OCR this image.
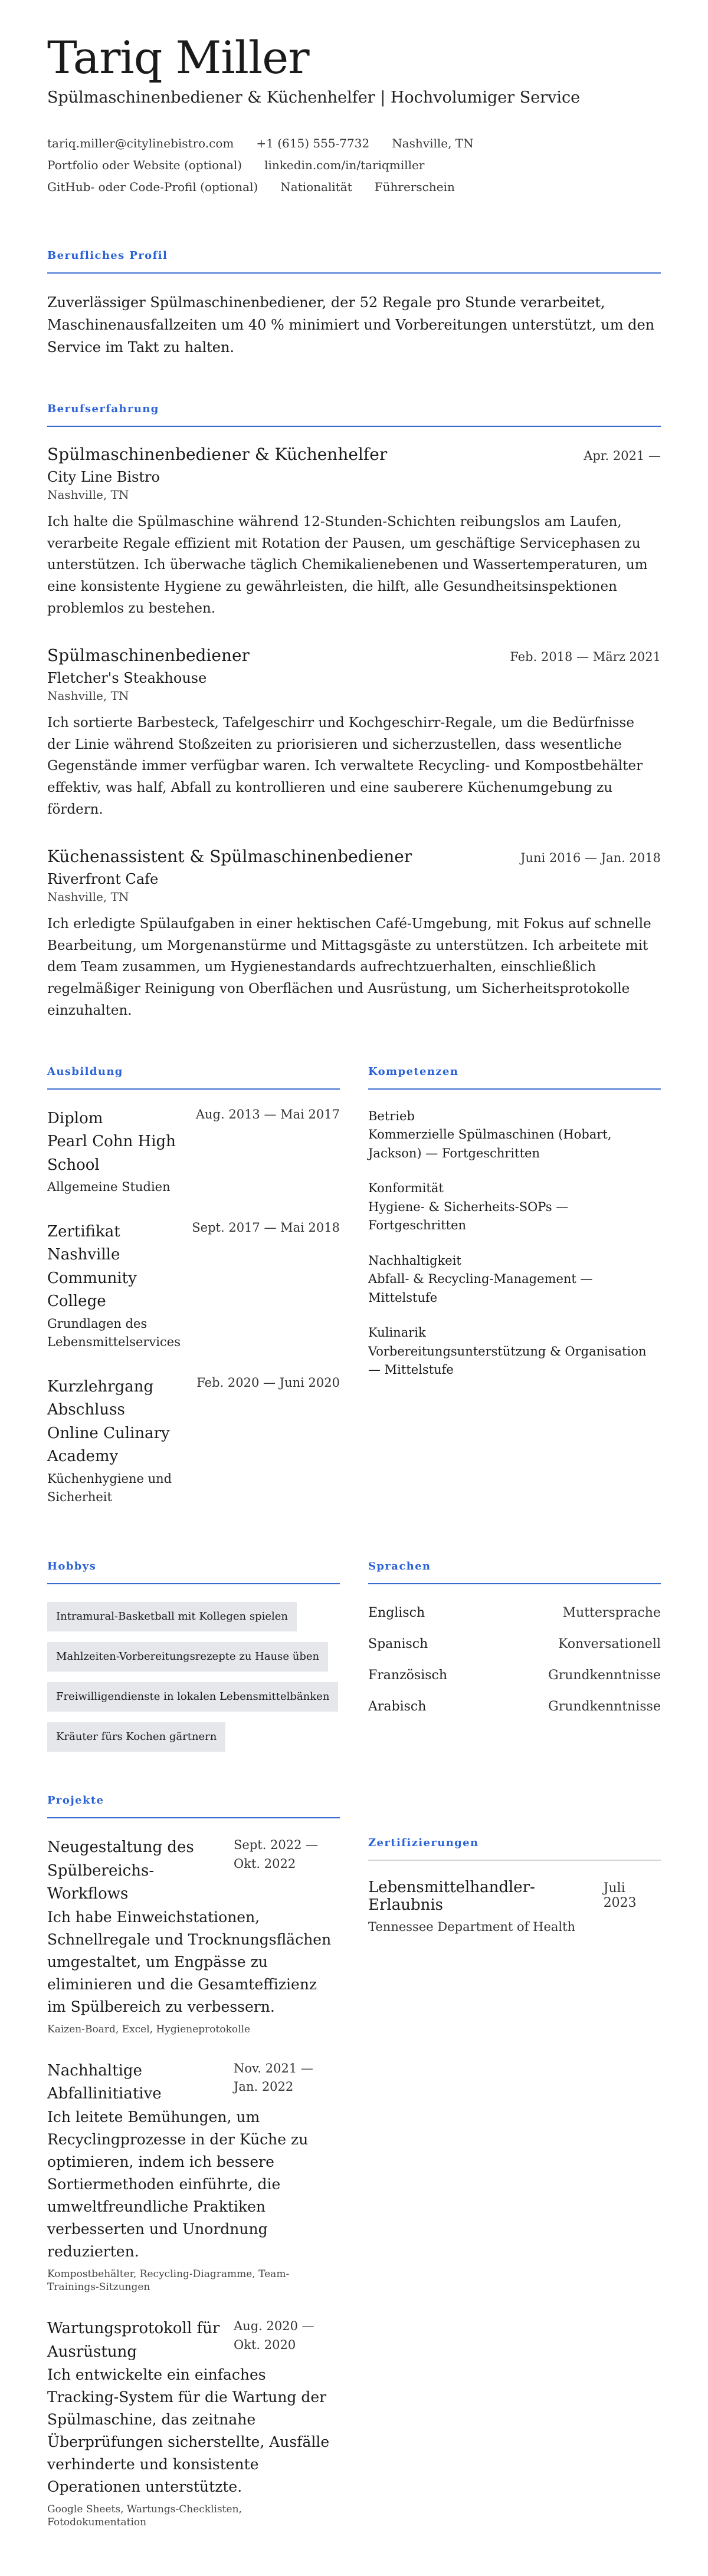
Tariq Miller
Spülmaschinenbediener & Küchenhelfer | Hochvolumiger Service
tariq.miller@citylinebistro.com +1 (615) 555-7732 Nashville, TN
Portfolio oder Website (optional) linkedin.com/in/tariqmiller
GitHub- oder Code-Profil (optional) Nationalität Führerschein
Berufliches Profil

Zuverlässiger Spülmaschinenbediener, der 52 Regale pro Stunde verarbeitet, Maschinenausfallzeiten um 40 % minimiert und Vorbereitungen unterstützt, um den Service im Takt zu halten.

Berufserfahrung
Spülmaschinenbediener & Küchenhelfer	Apr. 2021 —
City Line Bistro
Nashville, TN

Ich halte die Spülmaschine während 12-Stunden-Schichten reibungslos am Laufen, verarbeite Regale effizient mit Rotation der Pausen, um geschäftige Servicephasen zu unterstützen. Ich überwache täglich Chemikalienebenen und Wassertemperaturen, um eine konsistente Hygiene zu gewährleisten, die hilft, alle Gesundheitsinspektionen problemlos zu bestehen.

Spülmaschinenbediener	Feb. 2018 — März 2021
Fletcher's Steakhouse
Nashville, TN

Ich sortierte Barbesteck, Tafelgeschirr und Kochgeschirr-Regale, um die Bedürfnisse der Linie während Stoßzeiten zu priorisieren und sicherzustellen, dass wesentliche Gegenstände immer verfügbar waren. Ich verwaltete Recycling- und Kompostbehälter effektiv, was half, Abfall zu kontrollieren und eine sauberere Küchenumgebung zu fördern.

Küchenassistent & Spülmaschinenbediener	Juni 2016 — Jan. 2018
Riverfront Cafe
Nashville, TN

Ich erledigte Spülaufgaben in einer hektischen Café-Umgebung, mit Fokus auf schnelle Bearbeitung, um Morgenanstürme und Mittagsgäste zu unterstützen. Ich arbeitete mit dem Team zusammen, um Hygienestandards aufrechtzuerhalten, einschließlich regelmäßiger Reinigung von Oberflächen und Ausrüstung, um Sicherheitsprotokolle einzuhalten.

Ausbildung
Diplom
Pearl Cohn High School
Allgemeine Studien
Aug. 2013 — Mai 2017
Zertifikat
Nashville Community College
Grundlagen des Lebensmittelservices
Sept. 2017 — Mai 2018
Kurzlehrgang Abschluss
Online Culinary Academy
Küchenhygiene und Sicherheit
Feb. 2020 — Juni 2020
Kompetenzen
Betrieb
Kommerzielle Spülmaschinen (Hobart, Jackson) — Fortgeschritten
Konformität
Hygiene- & Sicherheits-SOPs — Fortgeschritten
Nachhaltigkeit
Abfall- & Recycling-Management — Mittelstufe
Kulinarik
Vorbereitungsunterstützung & Organisation — Mittelstufe
Hobbys
Intramural-Basketball mit Kollegen spielen
Mahlzeiten-Vorbereitungsrezepte zu Hause üben
Freiwilligendienste in lokalen Lebensmittelbänken
Kräuter fürs Kochen gärtnern
Sprachen
Englisch	Muttersprache
Spanisch	Konversationell
Französisch	Grundkenntnisse
Arabisch	Grundkenntnisse
Projekte
Neugestaltung des Spülbereichs-Workflows
Sept. 2022 — Okt. 2022

Ich habe Einweichstationen, Schnellregale und Trocknungsflächen umgestaltet, um Engpässe zu eliminieren und die Gesamteffizienz im Spülbereich zu verbessern.

Kaizen-Board, Excel, Hygieneprotokolle
Nachhaltige Abfallinitiative
Nov. 2021 — Jan. 2022

Ich leitete Bemühungen, um Recyclingprozesse in der Küche zu optimieren, indem ich bessere Sortiermethoden einführte, die umweltfreundliche Praktiken verbesserten und Unordnung reduzierten.

Kompostbehälter, Recycling-Diagramme, Team-Trainings-Sitzungen
Wartungsprotokoll für Ausrüstung
Aug. 2020 — Okt. 2020

Ich entwickelte ein einfaches Tracking-System für die Wartung der Spülmaschine, das zeitnahe Überprüfungen sicherstellte, Ausfälle verhinderte und konsistente Operationen unterstützte.

Google Sheets, Wartungs-Checklisten, Fotodokumentation
Zertifizierungen
Lebensmittelhandler-Erlaubnis
Juli 2023
Tennessee Department of Health
